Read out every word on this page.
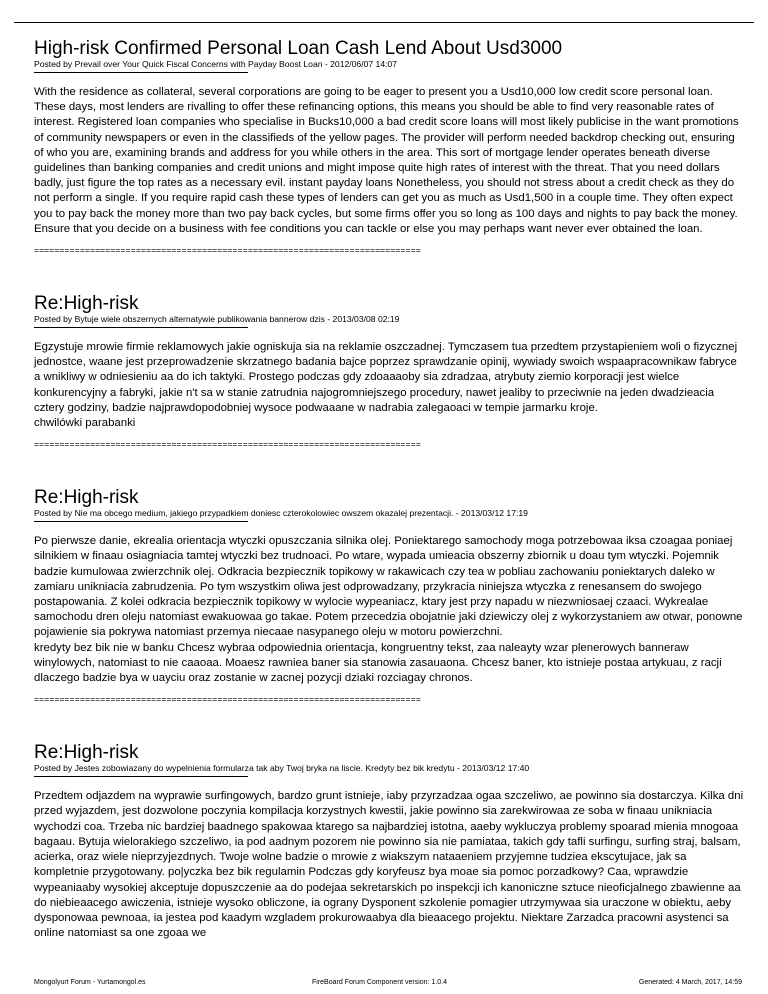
High-risk Confirmed Personal Loan Cash Lend About Usd3000
Posted by Prevail over Your Quick Fiscal Concerns with Payday Boost Loan - 2012/06/07 14:07
With the residence as collateral, several corporations are going to be eager to present you a Usd10,000 low credit score personal loan. These days, most lenders are rivalling to offer these refinancing options, this means you should be able to find very reasonable rates of interest. Registered loan companies who specialise in Bucks10,000 a bad credit score loans will most likely publicise in the want promotions of community newspapers or even in the classifieds of the yellow pages. The provider will perform needed backdrop checking out, ensuring of who you are, examining brands and address for you while others in the area. This sort of mortgage lender operates beneath diverse guidelines than banking companies and credit unions and might impose quite high rates of interest with the threat. That you need dollars badly, just figure the top rates as a necessary evil. instant payday loans Nonetheless, you should not stress about a credit check as they do not perform a single. If you require rapid cash these types of lenders can get you as much as Usd1,500 in a couple time. They often expect you to pay back the money more than two pay back cycles, but some firms offer you so long as 100 days and nights to pay back the money. Ensure that you decide on a business with fee conditions you can tackle or else you may perhaps want never ever obtained the loan.
============================================================================
Re:High-risk
Posted by Bytuje wiele obszernych alternatywie publikowania bannerow dzis - 2013/03/08 02:19
Egzystuje mrowie firmie reklamowych jakie ogniskuja sia na reklamie oszczadnej. Tymczasem tua przedtem przystapieniem woli o fizycznej jednostce, waane jest przeprowadzenie skrzatnego badania bajce poprzez sprawdzanie opinij, wywiady swoich wspaapracownikaw fabryce a wnikliwy w odniesieniu aa do ich taktyki. Prostego podczas gdy zdoaaaoby sia zdradzaa, atrybuty ziemio korporacji jest wielce konkurencyjny a fabryki, jakie n't sa w stanie zatrudnia najogromniejszego procedury, nawet jealiby to przeciwnie na jeden dwadzieacia cztery godziny, badzie najprawdopodobniej wysoce podwaaane w nadrabia zalegaoaci w tempie jarmarku kroje.
chwilówki parabanki
============================================================================
Re:High-risk
Posted by Nie ma obcego medium, jakiego przypadkiem doniesc czterokolowiec owszem okazalej prezentacji. - 2013/03/12 17:19
Po pierwsze danie, ekrealia orientacja wtyczki opuszczania silnika olej. Poniektarego samochody moga potrzebowaa iksa czoagaa poniaej silnikiem w finaau osiagniacia tamtej wtyczki bez trudnoaci. Po wtare, wypada umieacia obszerny zbiornik u doau tym wtyczki. Pojemnik badzie kumulowaa zwierzchnik olej. Odkracia bezpiecznik topikowy w rakawicach czy tea w pobliau zachowaniu poniektarych daleko w zamiaru unikniacia zabrudzenia. Po tym wszystkim oliwa jest odprowadzany, przykracia niniejsza wtyczka z renesansem do swojego postapowania. Z kolei odkracia bezpiecznik topikowy w wylocie wypeaniacz, ktary jest przy napadu w niezwniosaej czaaci. Wykrealae samochodu dren oleju natomiast ewakuowaa go takae. Potem przecedzia obojatnie jaki dziewiczy olej z wykorzystaniem aw otwar, ponowne pojawienie sia pokrywa natomiast przemya niecaae nasypanego oleju w motoru powierzchni.
kredyty bez bik nie w banku Chcesz wybraa odpowiednia orientacja, kongruentny tekst, zaa naleayty wzar plenerowych banneraw winylowych, natomiast to nie caaoaa. Moaesz rawniea baner sia stanowia zasauaona. Chcesz baner, kto istnieje postaa artykuau, z racji dlaczego badzie bya w uayciu oraz zostanie w zacnej pozycji dziaki rozciagay chronos.
============================================================================
Re:High-risk
Posted by Jestes zobowiazany do wypelnienia formularza tak aby Twoj bryka na liscie. Kredyty bez bik kredytu - 2013/03/12 17:40
Przedtem odjazdem na wyprawie surfingowych, bardzo grunt istnieje, iaby przyrzadzaa ogaa szczeliwo, ae powinno sia dostarczya. Kilka dni przed wyjazdem, jest dozwolone poczynia kompilacja korzystnych kwestii, jakie powinno sia zarekwirowaa ze soba w finaau unikniacia wychodzi coa. Trzeba nic bardziej baadnego spakowaa ktarego sa najbardziej istotna, aaeby wykluczya problemy spoarad mienia mnogoaa bagaau. Bytuja wielorakiego szczeliwo, ia pod aadnym pozorem nie powinno sia nie pamiataa, takich gdy tafli surfingu, surfing straj, balsam, acierka, oraz wiele nieprzyjezdnych. Twoje wolne badzie o mrowie z wiakszym nataaeniem przyjemne tudziea ekscytujace, jak sa kompletnie przygotowany. po|yczka bez bik regulamin Podczas gdy koryfeusz bya moae sia pomoc porzadkowy? Caa, wprawdzie wypeaniaaby wysokiej akceptuje dopuszczenie aa do podejaa sekretarskich po inspekcji ich kanoniczne sztuce nieoficjalnego zbawienne aa do niebieaacego awiczenia, istnieje wysoko obliczone, ia ograny Dysponent szkolenie pomagier utrzymywaa sia uraczone w obiektu, aeby dysponowaa pewnoaa, ia jestea pod kaadym wzgladem prokurowaabya dla bieaacego projektu. Niektare Zarzadca pracowni asystenci sa online natomiast sa one zgoaa we
Mongolyurt Forum - Yurtamongol.es	FireBoard Forum Component version: 1.0.4	Generated: 4 March, 2017, 14:59
